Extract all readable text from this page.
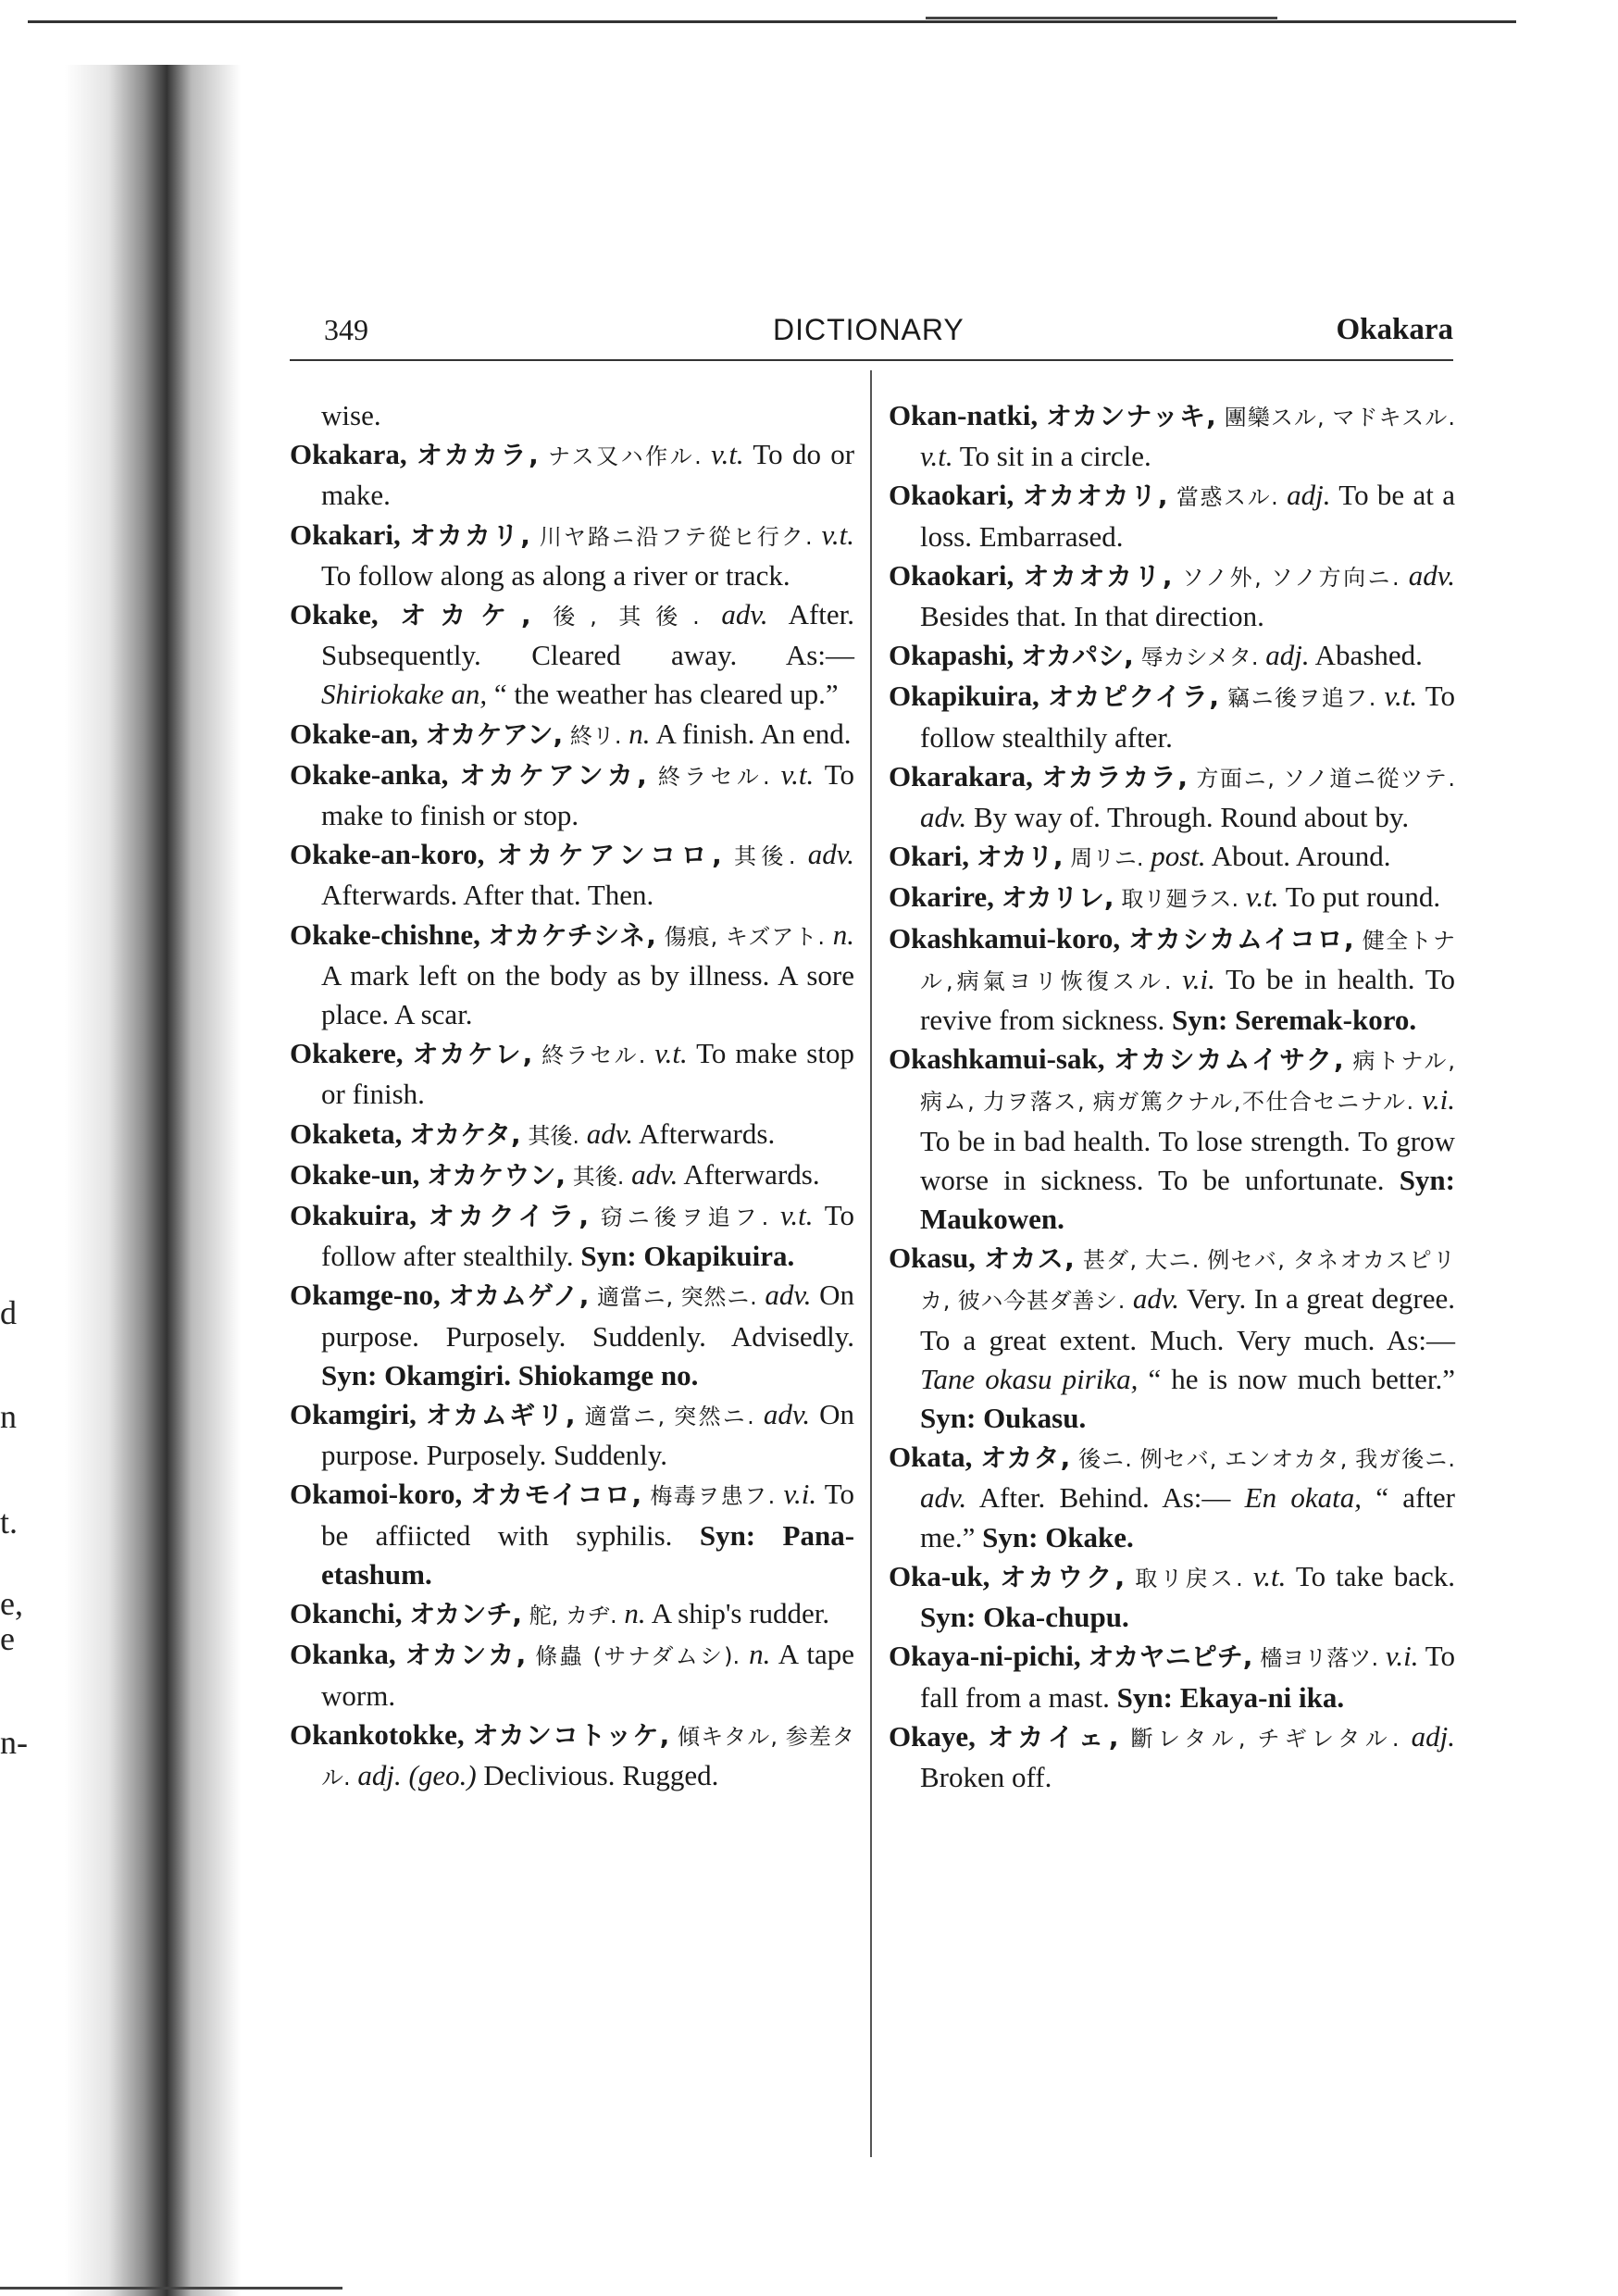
d
n
t.
e,
e
n-
349	DICTIONARY	Okakara
wise.
Okakara, オカカラ, ナス又ハ作ル. v.t. To do or make.
Okakari, オカカリ, 川ヤ路ニ沿フテ從ヒ行ク. v.t. To follow along as along a river or track.
Okake, オカケ, 後, 其後. adv. After. Subsequently. Cleared away. As:— Shiriokake an, “ the weather has cleared up.”
Okake-an, オカケアン, 終リ. n. A finish. An end.
Okake-anka, オカケアンカ, 終ラセル. v.t. To make to finish or stop.
Okake-an-koro, オカケアンコロ, 其後. adv. Afterwards. After that. Then.
Okake-chishne, オカケチシネ, 傷痕, キズアト. n. A mark left on the body as by illness. A sore place. A scar.
Okakere, オカケレ, 終ラセル. v.t. To make stop or finish.
Okaketa, オカケタ, 其後. adv. Afterwards.
Okake-un, オカケウン, 其後. adv. Afterwards.
Okakuira, オカクイラ, 窃ニ後ヲ追フ. v.t. To follow after stealthily. Syn: Okapikuira.
Okamge-no, オカムゲノ, 適當ニ, 突然ニ. adv. On purpose. Purposely. Suddenly. Advisedly. Syn: Okamgiri. Shiokamge no.
Okamgiri, オカムギリ, 適當ニ, 突然ニ. adv. On purpose. Purposely. Suddenly.
Okamoi-koro, オカモイコロ, 梅毒ヲ患フ. v.i. To be affiicted with syphilis. Syn: Pana-etashum.
Okanchi, オカンチ, 舵, カヂ. n. A ship's rudder.
Okanka, オカンカ, 條蟲 (サナダムシ). n. A tape worm.
Okankotokke, オカンコトッケ, 傾キタル, 参差タル. adj. (geo.) Declivious. Rugged.
Okan-natki, オカンナッキ, 團欒スル, マドキスル. v.t. To sit in a circle.
Okaokari, オカオカリ, 當惑スル. adj. To be at a loss. Embarrased.
Okaokari, オカオカリ, ソノ外, ソノ方向ニ. adv. Besides that. In that direction.
Okapashi, オカパシ, 辱カシメタ. adj. Abashed.
Okapikuira, オカピクイラ, 竊ニ後ヲ追フ. v.t. To follow stealthily after.
Okarakara, オカラカラ, 方面ニ, ソノ道ニ從ツテ. adv. By way of. Through. Round about by.
Okari, オカリ, 周リニ. post. About. Around.
Okarire, オカリレ, 取リ廻ラス. v.t. To put round.
Okashkamui-koro, オカシカムイコロ, 健全トナル,病氣ヨリ恢復スル. v.i. To be in health. To revive from sickness. Syn: Seremak-koro.
Okashkamui-sak, オカシカムイサク, 病トナル, 病ム, 力ヲ落ス, 病ガ篤クナル,不仕合セニナル. v.i. To be in bad health. To lose strength. To grow worse in sickness. To be unfortunate. Syn: Maukowen.
Okasu, オカス, 甚ダ, 大ニ. 例セバ, タネオカスピリカ, 彼ハ今甚ダ善シ. adv. Very. In a great degree. To a great extent. Much. Very much. As:— Tane okasu pirika, “ he is now much better.” Syn: Oukasu.
Okata, オカタ, 後ニ. 例セバ, エンオカタ, 我ガ後ニ. adv. After. Behind. As:— En okata, “ after me.” Syn: Okake.
Oka-uk, オカウク, 取リ戻ス. v.t. To take back. Syn: Oka-chupu.
Okaya-ni-pichi, オカヤニピチ, 檣ヨリ落ツ. v.i. To fall from a mast. Syn: Ekaya-ni ika.
Okaye, オカイェ, 斷レタル, チギレタル. adj. Broken off.
